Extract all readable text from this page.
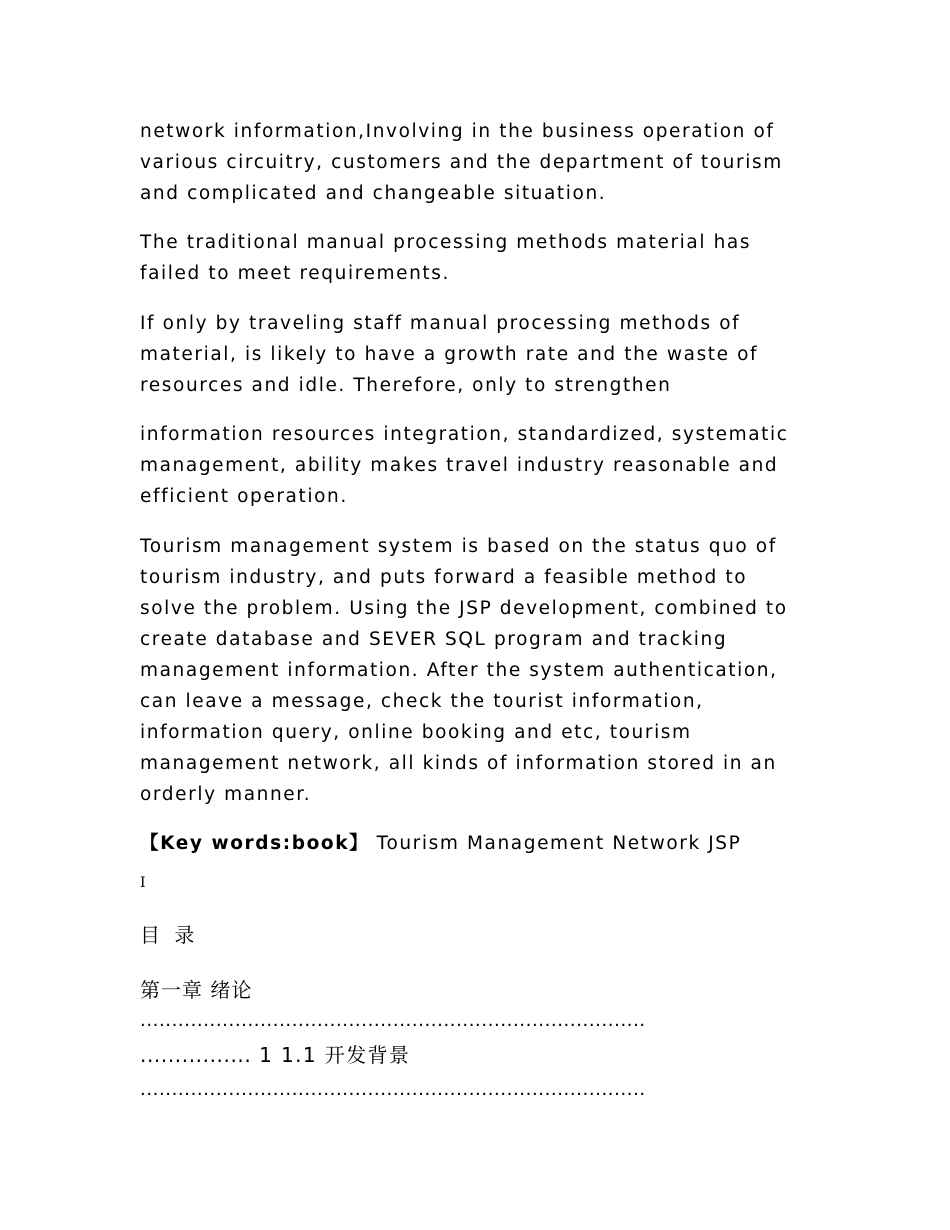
network information,Involving in the business operation of
various circuitry, customers and the department of tourism
and complicated and changeable situation.

The traditional manual processing methods material has
failed to meet requirements.

If only by traveling staff manual processing methods of
material, is likely to have a growth rate and the waste of
resources and idle. Therefore, only to strengthen

information resources integration, standardized, systematic
management, ability makes travel industry reasonable and
efficient operation.

Tourism management system is based on the status quo of
tourism industry, and puts forward a feasible method to
solve the problem. Using the JSP development, combined to
create database and SEVER SQL program and tracking
management information. After the system authentication,
can leave a message, check the tourist information,
information query, online booking and etc, tourism
management network, all kinds of information stored in an
orderly manner.

【Key words:book】 Tourism Management Network JSP
I
目 录
第一章 绪论
................................................................................
................ 1 1.1 开发背景
................................................................................
